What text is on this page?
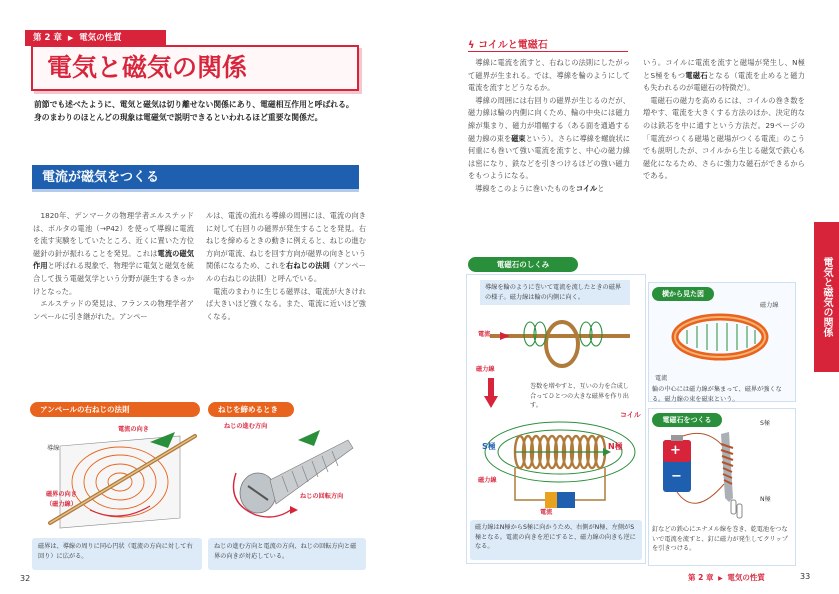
第 2 章 ▶ 電気の性質
電気と磁気の関係
前節でも述べたように、電気と磁気は切り離せない関係にあり、電磁相互作用と呼ばれる。身のまわりのほとんどの現象は電磁気で説明できるといわれるほど重要な関係だ。
電流が磁気をつくる
　1820年、デンマークの物理学者エルステッドは、ボルタの電池（→P42）を使って導線に電流を流す実験をしていたところ、近くに置いた方位磁針の針が振れることを発見。これは電流の磁気作用と呼ばれる現象で、物理学に電気と磁気を統合して扱う電磁気学という分野が誕生するきっかけとなった。
　エルステッドの発見は、フランスの物理学者アンペールに引き継がれた。アンペー
ルは、電流の流れる導線の周囲には、電流の向きに対して右回りの磁界が発生することを発見。右ねじを締めるときの動きに例えると、ねじの進む方向が電流、ねじを回す方向が磁界の向きという関係になるため、これを右ねじの法則（アンペールの右ねじの法則）と呼んでいる。
　電流のまわりに生じる磁界は、電流が大きければ大きいほど強くなる。また、電流に近いほど強くなる。
アンペールの右ねじの法則
電流の向き
導線
磁界の向き
（磁力線）
磁界は、導線の周りに同心円状（電流の方向に対して右回り）に広がる。
ねじを締めるとき
ねじの進む方向
ねじの回転方向
ねじの進む方向と電流の方向、ねじの回転方向と磁界の向きが対応している。
32
ϟ コイルと電磁石
　導線に電流を流すと、右ねじの法則にしたがって磁界が生まれる。では、導線を輪のようにして電流を流すとどうなるか。
　導線の周囲には右回りの磁界が生じるのだが、磁力線は輪の内側に向くため、輪の中央には磁力線が集まり、磁力が増幅する（ある面を通過する磁力線の束を磁束という）。さらに導線を螺旋状に何重にも巻いて強い電流を流すと、中心の磁力線は密になり、鉄などを引きつけるほどの強い磁力をもつようになる。
　導線をこのように巻いたものをコイルと
いう。コイルに電流を流すと磁場が発生し、N極とS極をもつ電磁石となる（電流を止めると磁力も失われるのが電磁石の特徴だ）。
　電磁石の磁力を高めるには、コイルの巻き数を増やす、電流を大きくする方法のほか、決定的なのは鉄芯を中に通すという方法だ。29ページの「電流がつくる磁場と磁場がつくる電流」のこうでも説明したが、コイルから生じる磁気で鉄心も磁化になるため、さらに強力な磁石ができるからである。
電気と磁気の関係
電磁石のしくみ
導線を輪のように巻いて電流を流したときの磁界の様子。磁力線は輪の内側に向く。
電流
磁力線
巻数を増やすと、互いの力を合成し合ってひとつの大きな磁界を作り出す。
コイル
S極	N極
磁力線
電流
磁力線はN極からS極に向かうため、右側がN極、左側がS極となる。電流の向きを逆にすると、磁力線の向きも逆になる。
横から見た図
磁力線
電流
輪の中心には磁力線が集まって、磁界が強くなる。磁力線の束を磁束という。
電磁石をつくる
+
−
S極
N極
釘などの鉄心にエナメル線を巻き、乾電池をつないで電流を流すと、釘に磁力が発生してクリップを引きつける。
第 2 章 ▶ 電気の性質	33
